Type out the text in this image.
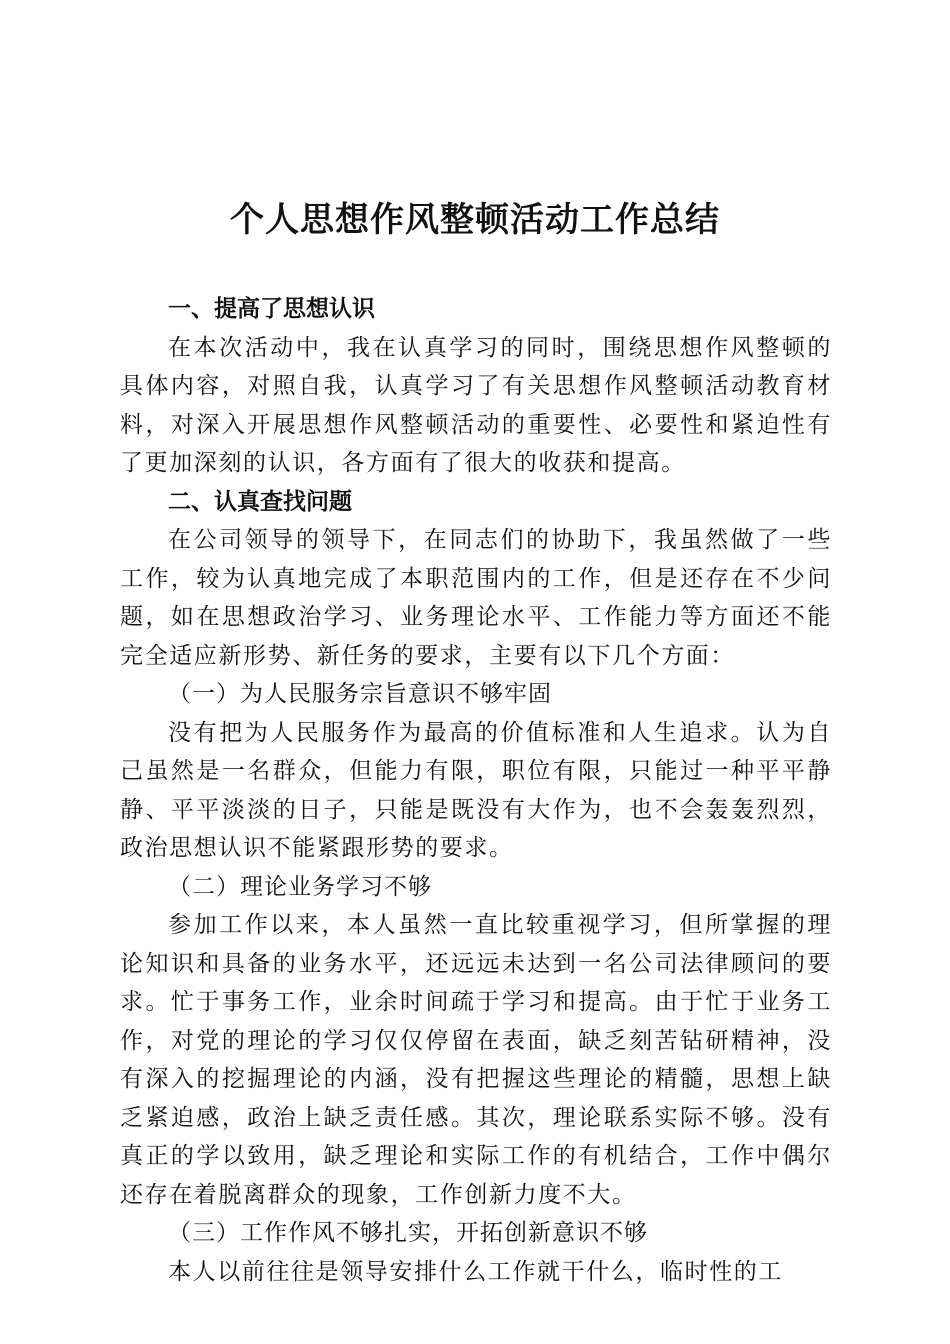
个人思想作风整顿活动工作总结

一、提高了思想认识

在本次活动中，我在认真学习的同时，围绕思想作风整顿的具体内容，对照自我，认真学习了有关思想作风整顿活动教育材料，对深入开展思想作风整顿活动的重要性、必要性和紧迫性有了更加深刻的认识，各方面有了很大的收获和提高。

二、认真查找问题

在公司领导的领导下，在同志们的协助下，我虽然做了一些工作，较为认真地完成了本职范围内的工作，但是还存在不少问题，如在思想政治学习、业务理论水平、工作能力等方面还不能完全适应新形势、新任务的要求，主要有以下几个方面：

（一）为人民服务宗旨意识不够牢固

没有把为人民服务作为最高的价值标准和人生追求。认为自己虽然是一名群众，但能力有限，职位有限，只能过一种平平静静、平平淡淡的日子，只能是既没有大作为，也不会轰轰烈烈，政治思想认识不能紧跟形势的要求。

（二）理论业务学习不够

参加工作以来，本人虽然一直比较重视学习，但所掌握的理论知识和具备的业务水平，还远远未达到一名公司法律顾问的要求。忙于事务工作，业余时间疏于学习和提高。由于忙于业务工作，对党的理论的学习仅仅停留在表面，缺乏刻苦钻研精神，没有深入的挖掘理论的内涵，没有把握这些理论的精髓，思想上缺乏紧迫感，政治上缺乏责任感。其次，理论联系实际不够。没有真正的学以致用，缺乏理论和实际工作的有机结合，工作中偶尔还存在着脱离群众的现象，工作创新力度不大。

（三）工作作风不够扎实，开拓创新意识不够

本人以前往往是领导安排什么工作就干什么，临时性的工
